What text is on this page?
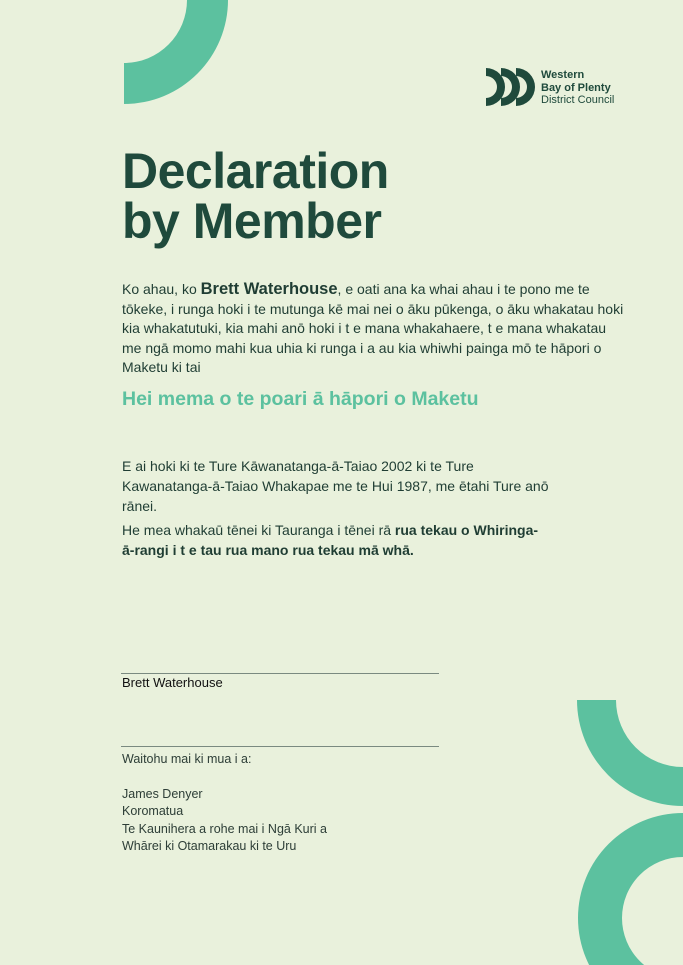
Western
Bay of Plenty
District Council
Declaration
by Member

Ko ahau, ko Brett Waterhouse, e oati ana ka whai ahau i te pono me te tōkeke, i runga hoki i te mutunga kē mai nei o āku pūkenga, o āku whakatau hoki kia whakatutuki, kia mahi anō hoki i t e mana whakahaere, t e mana whakatau me ngā momo mahi kua uhia ki runga i a au kia whiwhi painga mō te hāpori o Maketu ki tai

Hei mema o te poari ā hāpori o Maketu

E ai hoki ki te Ture Kāwanatanga-ā-Taiao 2002 ki te Ture Kawanatanga-ā-Taiao Whakapae me te Hui 1987, me ētahi Ture anō rānei.

He mea whakaū tēnei ki Tauranga i tēnei rā rua tekau o Whiringa-ā-rangi i t e tau rua mano rua tekau mā whā.

Brett Waterhouse
Waitohu mai ki mua i a:
James Denyer
Koromatua
Te Kaunihera a rohe mai i Ngā Kuri a
Whārei ki Otamarakau ki te Uru
